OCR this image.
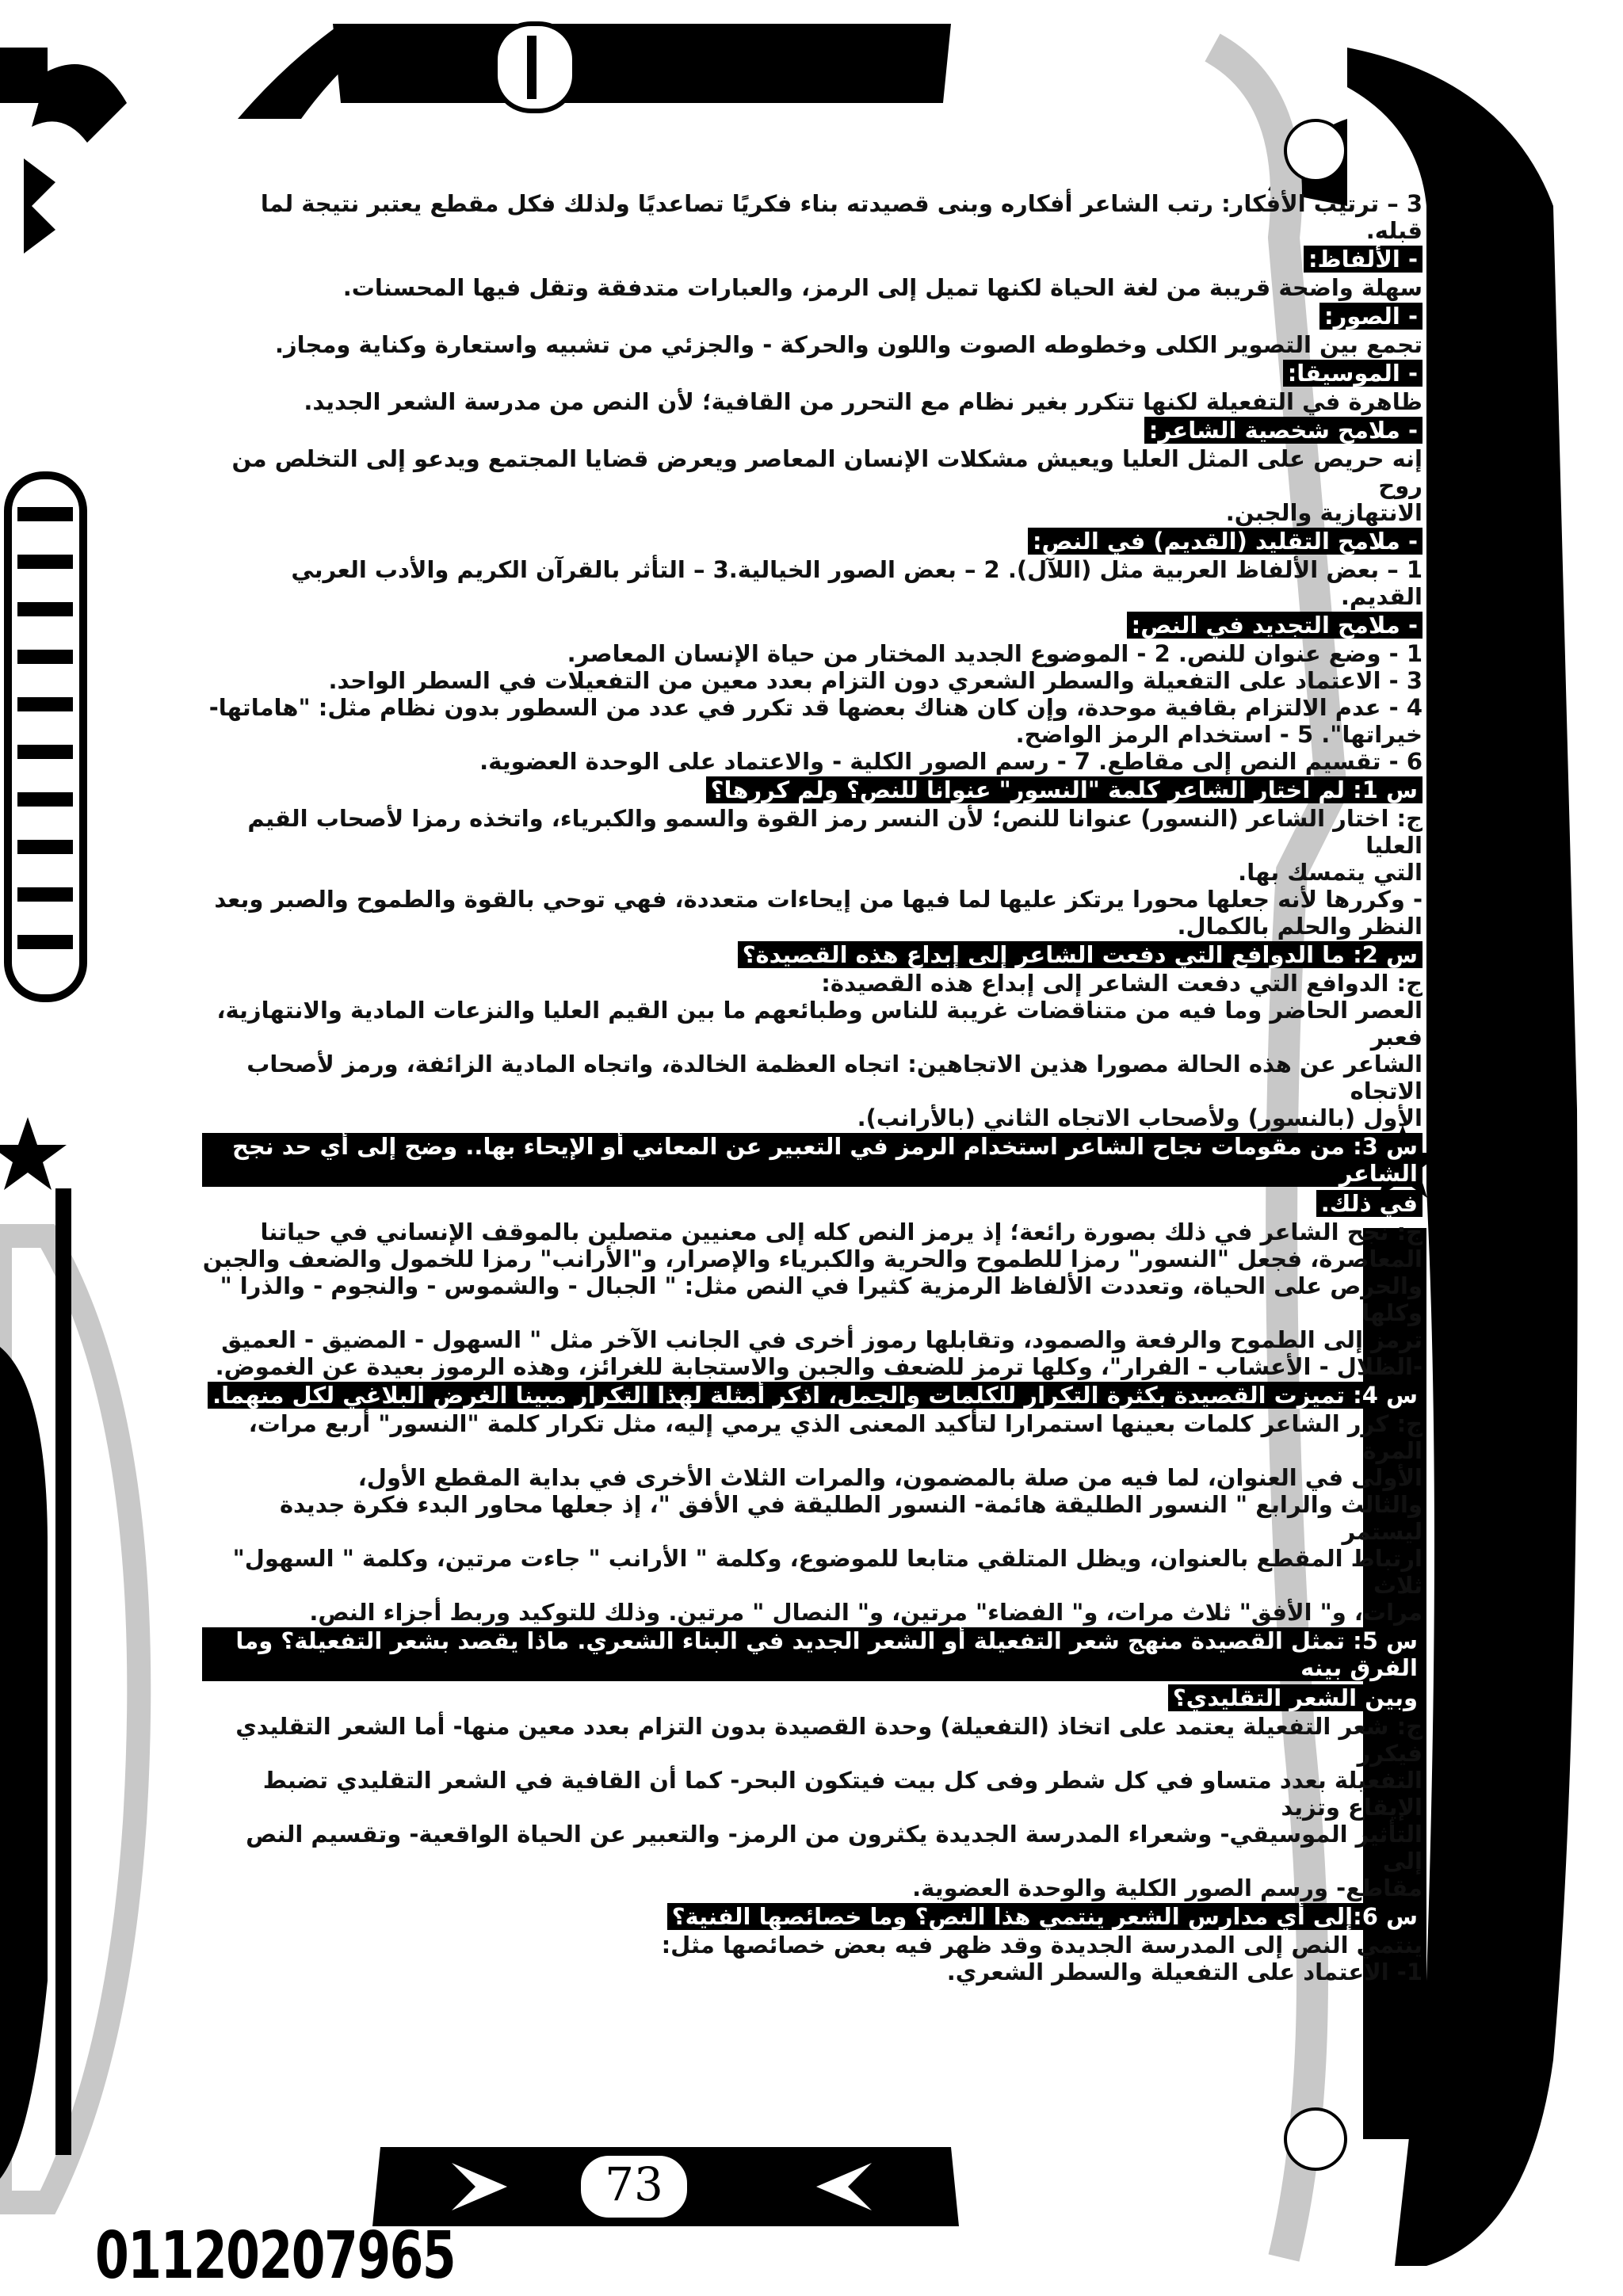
3 – ترتيب الأفكار: رتب الشاعر أفكاره وبنى قصيدته بناء فكريًا تصاعديًا ولذلك فكل مقطع يعتبر نتيجة لما قبله.

- الألفاظ:

سهلة واضحة قريبة من لغة الحياة لكنها تميل إلى الرمز، والعبارات متدفقة وتقل فيها المحسنات.

- الصور:

تجمع بين التصوير الكلى وخطوطه الصوت واللون والحركة - والجزئي من تشبيه واستعارة وكناية ومجاز.

- الموسيقا:

ظاهرة في التفعيلة لكنها تتكرر بغير نظام مع التحرر من القافية؛ لأن النص من مدرسة الشعر الجديد.

- ملامح شخصية الشاعر:

إنه حريص على المثل العليا ويعيش مشكلات الإنسان المعاصر ويعرض قضايا المجتمع ويدعو إلى التخلص من روح

الانتهازية والجبن.

- ملامح التقليد (القديم) في النص:

1 – بعض الألفاظ العربية مثل (اللآل). 2 – بعض الصور الخيالية.3 – التأثر بالقرآن الكريم والأدب العربي القديم.

- ملامح التجديد في النص:

1 - وضع عنوان للنص. 2 - الموضوع الجديد المختار من حياة الإنسان المعاصر.

3 - الاعتماد على التفعيلة والسطر الشعري دون التزام بعدد معين من التفعيلات في السطر الواحد.

4 - عدم الالتزام بقافية موحدة، وإن كان هناك بعضها قد تكرر في عدد من السطور بدون نظام مثل: "هاماتها-

خيراتها". 5 - استخدام الرمز الواضح.

6 - تقسيم النص إلى مقاطع. 7 - رسم الصور الكلية - والاعتماد على الوحدة العضوية.

س 1: لم اختار الشاعر كلمة "النسور" عنوانا للنص؟ ولم كررها؟

ج: اختار الشاعر (النسور) عنوانا للنص؛ لأن النسر رمز القوة والسمو والكبرياء، واتخذه رمزا لأصحاب القيم العليا

التي يتمسك بها.

- وكررها لأنه جعلها محورا يرتكز عليها لما فيها من إيحاءات متعددة، فهي توحي بالقوة والطموح والصبر وبعد

النظر والحلم بالكمال.

س 2: ما الدوافع التي دفعت الشاعر إلى إبداع هذه القصيدة؟

ج: الدوافع التي دفعت الشاعر إلى إبداع هذه القصيدة:

العصر الحاضر وما فيه من متناقضات غريبة للناس وطبائعهم ما بين القيم العليا والنزعات المادية والانتهازية، فعبر

الشاعر عن هذه الحالة مصورا هذين الاتجاهين: اتجاه العظمة الخالدة، واتجاه المادية الزائفة، ورمز لأصحاب الاتجاه

الأول (بالنسور) ولأصحاب الاتجاه الثاني (بالأرانب).

س 3: من مقومات نجاح الشاعر استخدام الرمز في التعبير عن المعاني أو الإيحاء بها.. وضح إلى أي حد نجح الشاعر

في ذلك.

ج: نجح الشاعر في ذلك بصورة رائعة؛ إذ يرمز النص كله إلى معنيين متصلين بالموقف الإنساني في حياتنا

المعاصرة، فجعل "النسور" رمزا للطموح والحرية والكبرياء والإصرار، و"الأرانب" رمزا للخمول والضعف والجبن

والحرص على الحياة، وتعددت الألفاظ الرمزية كثيرا في النص مثل: " الجبال - والشموس - والنجوم - والذرا " وكلها

ترمز إلى الطموح والرفعة والصمود، وتقابلها رموز أخرى في الجانب الآخر مثل " السهول - المضيق - العميق

-الظلال - الأعشاب - الفرار"، وكلها ترمز للضعف والجبن والاستجابة للغرائز، وهذه الرموز بعيدة عن الغموض.

س 4: تميزت القصيدة بكثرة التكرار للكلمات والجمل، اذكر أمثلة لهذا التكرار مبينا الغرض البلاغي لكل منهما.

ج: كرر الشاعر كلمات بعينها استمرارا لتأكيد المعنى الذي يرمي إليه، مثل تكرار كلمة "النسور" أربع مرات، المرة

الأولى في العنوان، لما فيه من صلة بالمضمون، والمرات الثلاث الأخرى في بداية المقطع الأول،

والثالث والرابع " النسور الطليقة هائمة- النسور الطليقة في الأفق "، إذ جعلها محاور البدء فكرة جديدة ليستمر

ارتباط المقطع بالعنوان، ويظل المتلقي متابعا للموضوع، وكلمة " الأرانب " جاءت مرتين، وكلمة " السهول" ثلاث

مرات، و" الأفق" ثلاث مرات، و" الفضاء" مرتين، و" النصال " مرتين. وذلك للتوكيد وربط أجزاء النص.

س 5: تمثل القصيدة منهج شعر التفعيلة أو الشعر الجديد في البناء الشعري. ماذا يقصد بشعر التفعيلة؟ وما الفرق بينه

وبين الشعر التقليدي؟

ج: شعر التفعيلة يعتمد على اتخاذ (التفعيلة) وحدة القصيدة بدون التزام بعدد معين منها- أما الشعر التقليدي فيكرر

التفعيلة بعدد متساو في كل شطر وفى كل بيت فيتكون البحر- كما أن القافية في الشعر التقليدي تضبط الإيقاع وتزيد

التأثير الموسيقي- وشعراء المدرسة الجديدة يكثرون من الرمز- والتعبير عن الحياة الواقعية- وتقسيم النص إلى

مقاطع- ورسم الصور الكلية والوحدة العضوية.

س 6:إلى أي مدارس الشعر ينتمي هذا النص؟ وما خصائصها الفنية؟

ينتمي النص إلى المدرسة الجديدة وقد ظهر فيه بعض خصائصها مثل:

1- الاعتماد على التفعيلة والسطر الشعري.

73
01120207965
